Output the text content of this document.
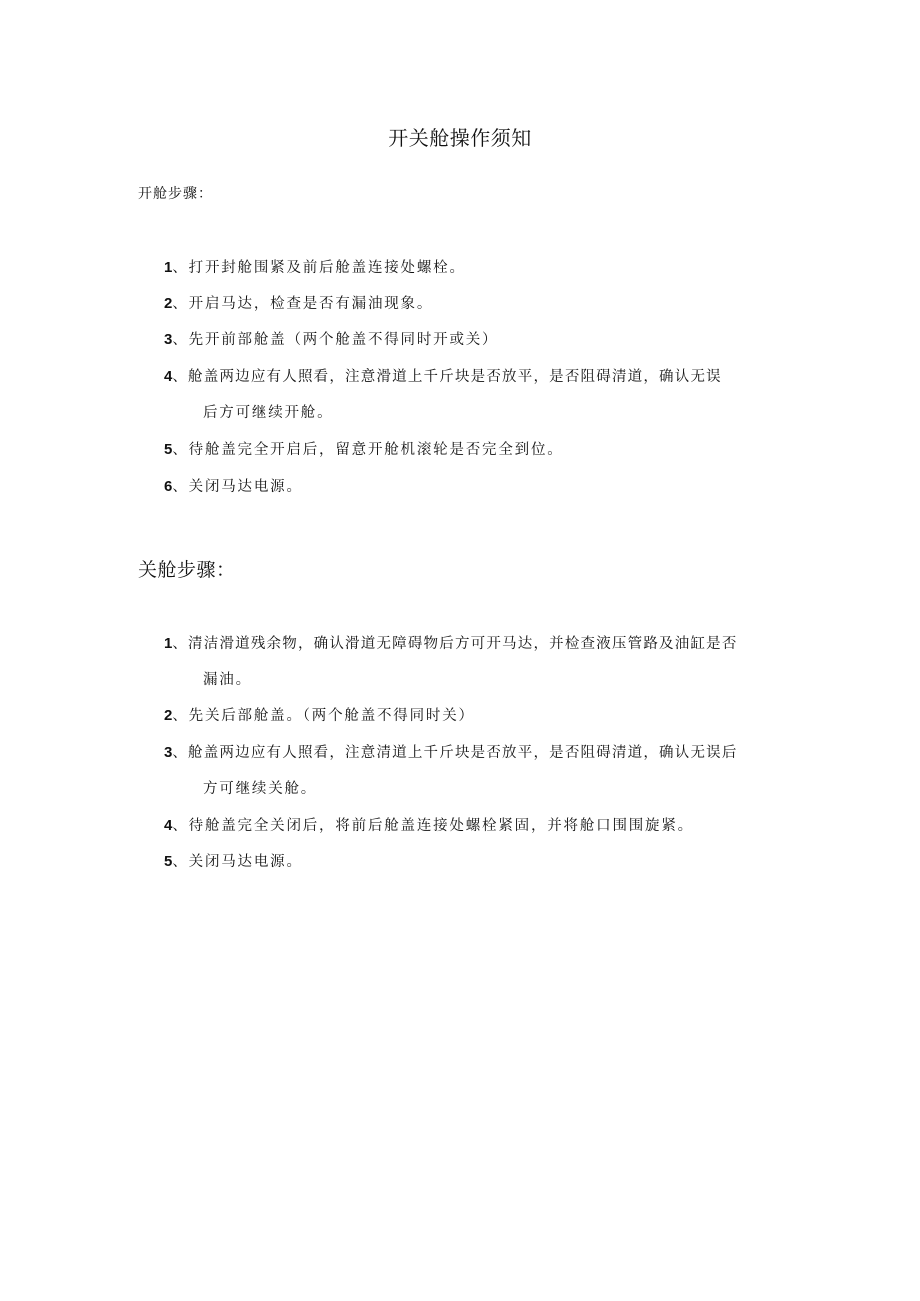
开关舱操作须知
开舱步骤：
1、打开封舱围紧及前后舱盖连接处螺栓。
2、开启马达，检查是否有漏油现象。
3、先开前部舱盖（两个舱盖不得同时开或关）
4、舱盖两边应有人照看，注意滑道上千斤块是否放平，是否阻碍清道，确认无误
后方可继续开舱。
5、待舱盖完全开启后，留意开舱机滚轮是否完全到位。
6、关闭马达电源。
关舱步骤：
1、清洁滑道残余物，确认滑道无障碍物后方可开马达，并检查液压管路及油缸是否
漏油。
2、先关后部舱盖。（两个舱盖不得同时关）
3、舱盖两边应有人照看，注意清道上千斤块是否放平，是否阻碍清道，确认无误后
方可继续关舱。
4、待舱盖完全关闭后，将前后舱盖连接处螺栓紧固，并将舱口围围旋紧。
5、关闭马达电源。
